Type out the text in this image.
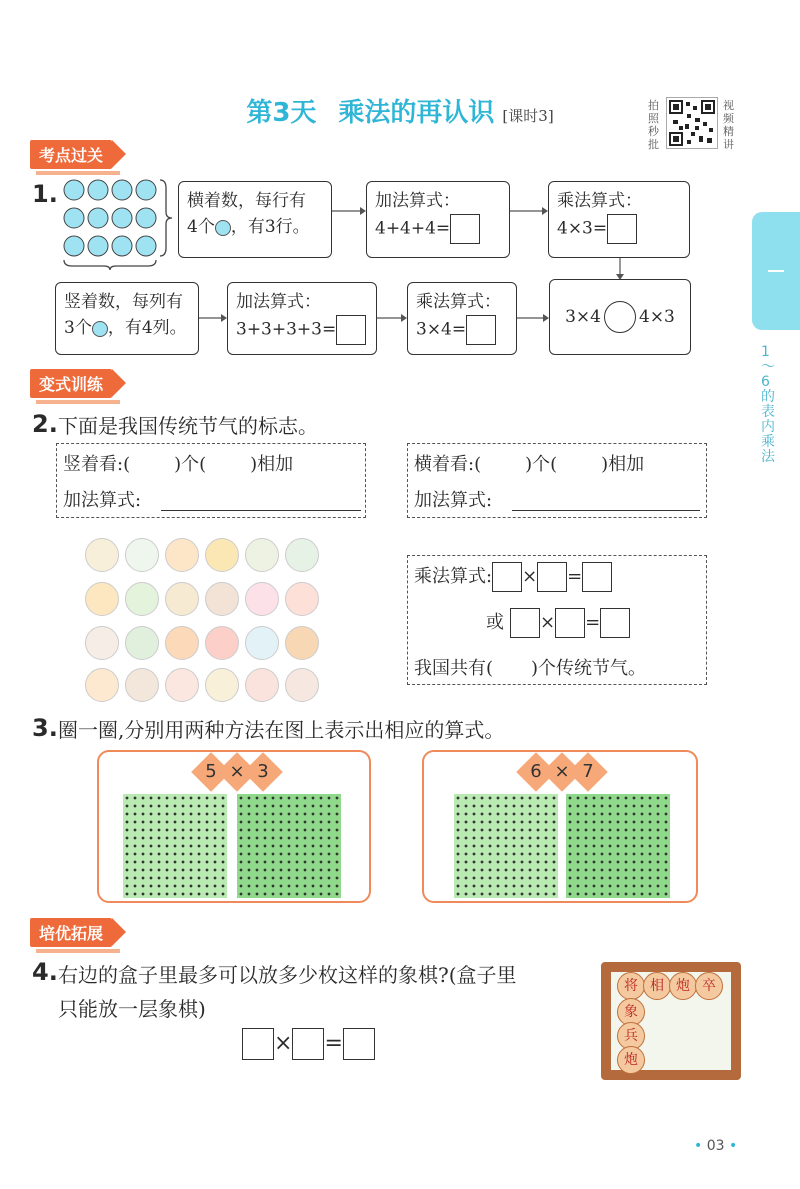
第3天 乘法的再认识 [课时3]
拍照秒批
视频精讲
1～6的表内乘法
考点过关
1.	横着数，每行有
4个 ，有3行。
加法算式：
4+4+4=
乘法算式：
4×3=
竖着数，每列有
3个 ，有4列。
加法算式：
3+3+3+3=
乘法算式：
3×4=
3×4 4×3
变式训练
2. 下面是我国传统节气的标志。
竖着看:( )个( )相加
加法算式:
横着看:( )个( )相加
加法算式:
乘法算式: × =
或 × =
我国共有( )个传统节气。
3. 圈一圈,分别用两种方法在图上表示出相应的算式。
5 × 3	6 × 7
培优拓展
4. 右边的盒子里最多可以放多少枚这样的象棋?(盒子里
只能放一层象棋)
× =
将 相 炮 卒
象
兵
炮
• 03 •
